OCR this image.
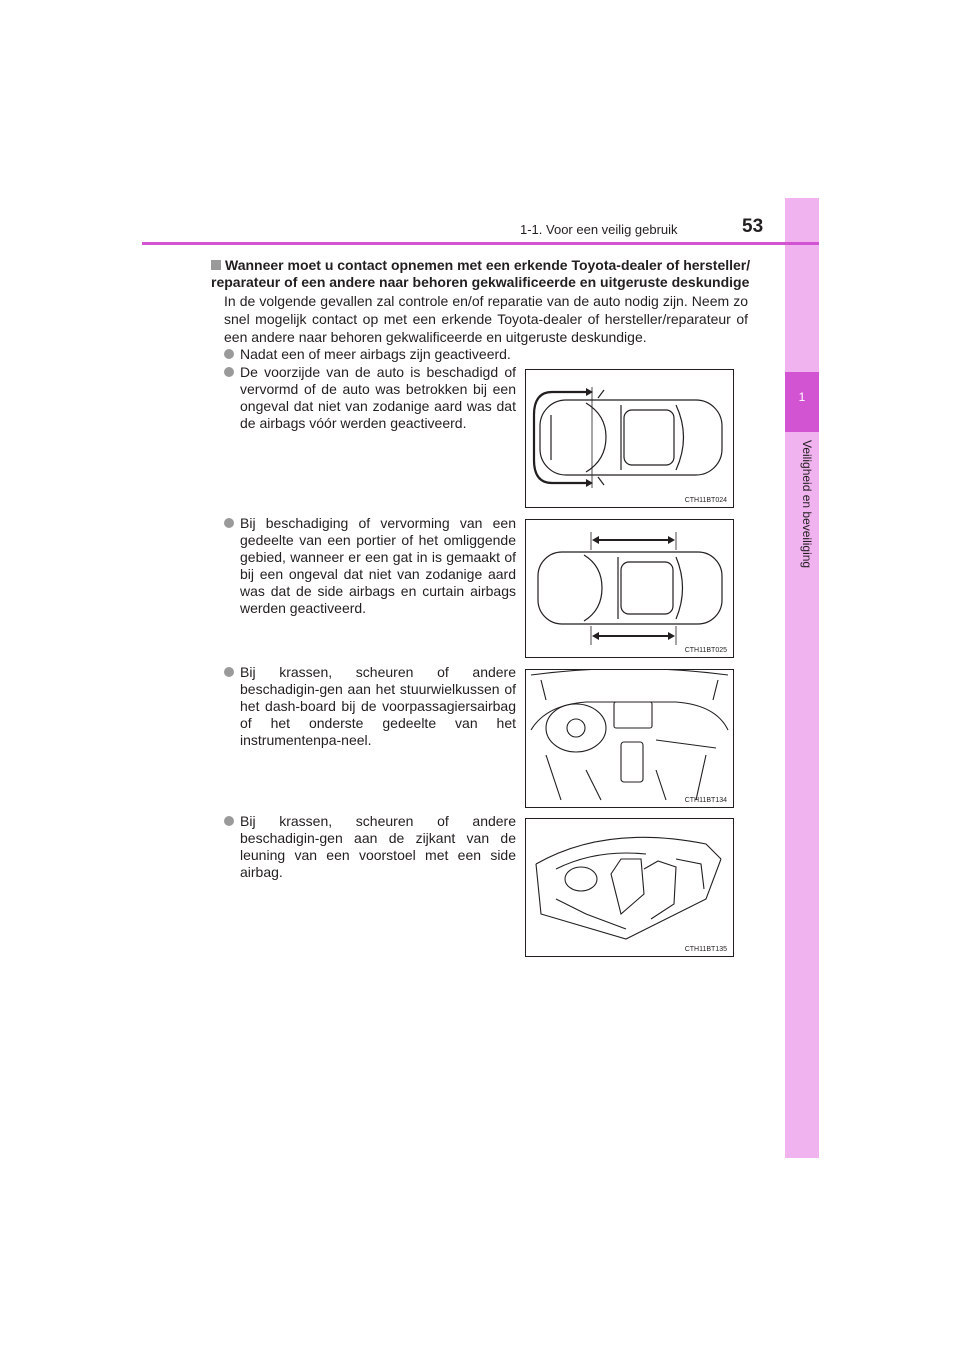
1
Veiligheid en beveiliging
1-1. Voor een veilig gebruik	53
Wanneer moet u contact opnemen met een erkende Toyota-dealer of hersteller/ reparateur of een andere naar behoren gekwalificeerde en uitgeruste deskundige
In de volgende gevallen zal controle en/of reparatie van de auto nodig zijn. Neem zo snel mogelijk contact op met een erkende Toyota-dealer of hersteller/reparateur of een andere naar behoren gekwalificeerde en uitgeruste deskundige.
Nadat een of meer airbags zijn geactiveerd.
De voorzijde van de auto is beschadigd of vervormd of de auto was betrokken bij een ongeval dat niet van zodanige aard was dat de airbags vóór werden geactiveerd.
Bij beschadiging of vervorming van een gedeelte van een portier of het omliggende gebied, wanneer er een gat in is gemaakt of bij een ongeval dat niet van zodanige aard was dat de side airbags en curtain airbags werden geactiveerd.
Bij krassen, scheuren of andere beschadigin-gen aan het stuurwielkussen of het dash-board bij de voorpassagiersairbag of het onderste gedeelte van het instrumentenpa-neel.
Bij krassen, scheuren of andere beschadigin-gen aan de zijkant van de leuning van een voorstoel met een side airbag.
CTH11BT024
CTH11BT025
CTH11BT134
CTH11BT135
